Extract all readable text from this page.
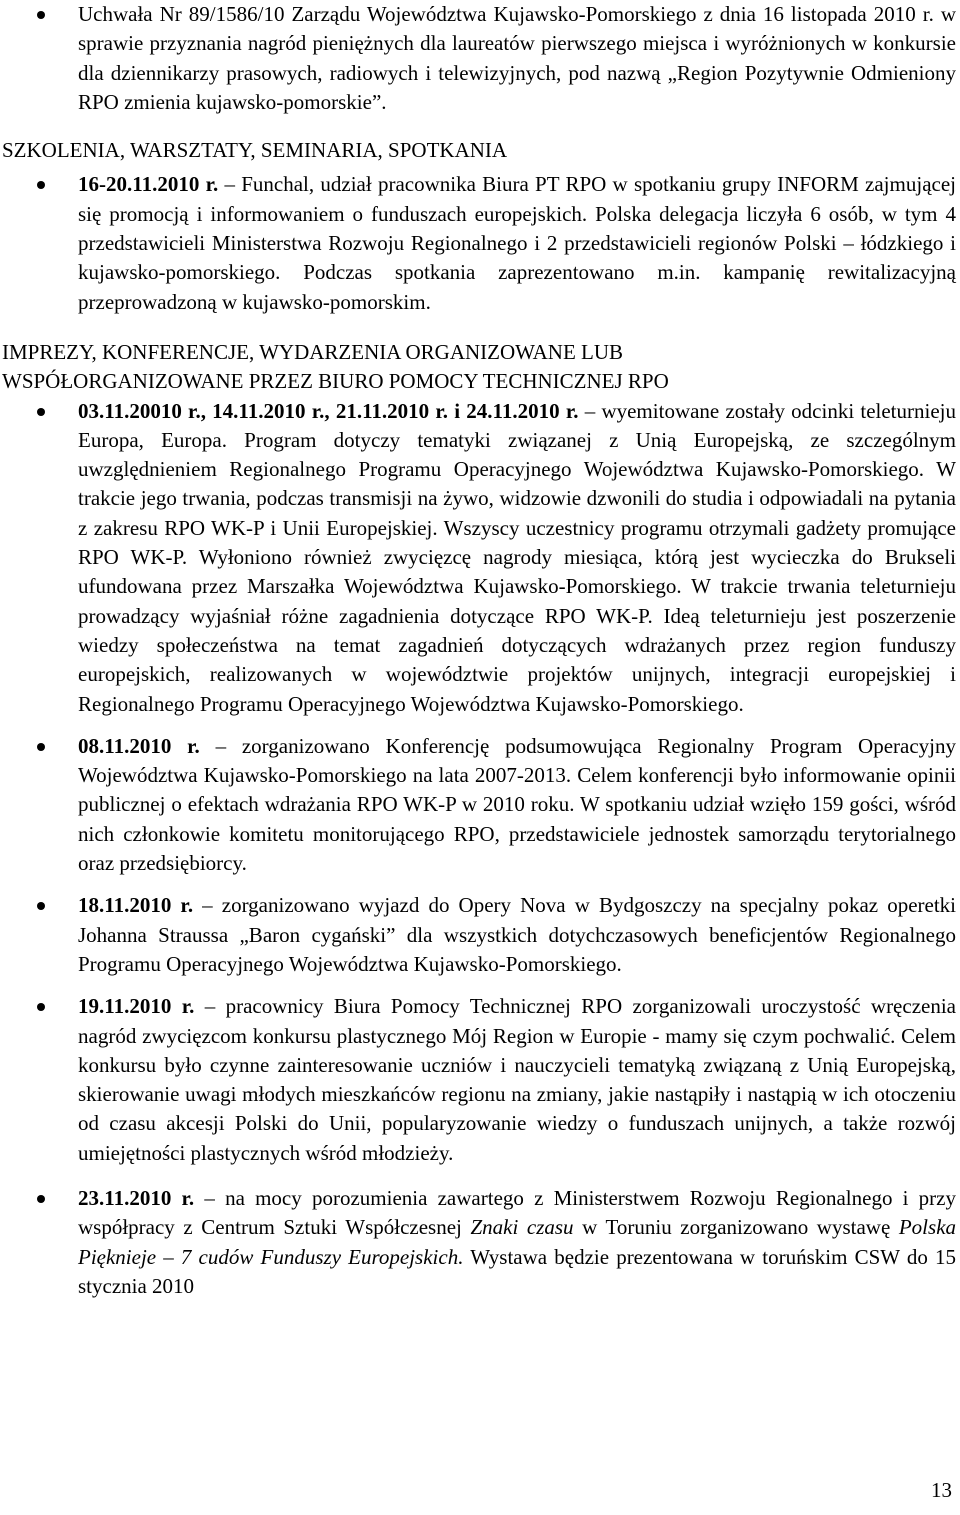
Uchwała Nr 89/1586/10 Zarządu Województwa Kujawsko-Pomorskiego z dnia 16 listopada 2010 r. w sprawie przyznania nagród pieniężnych dla laureatów pierwszego miejsca i wyróżnionych w konkursie dla dziennikarzy prasowych, radiowych i telewizyjnych, pod nazwą „Region Pozytywnie Odmieniony RPO zmienia kujawsko-pomorskie”.
SZKOLENIA, WARSZTATY, SEMINARIA, SPOTKANIA
16-20.11.2010 r. – Funchal, udział pracownika Biura PT RPO w spotkaniu grupy INFORM zajmującej się promocją i informowaniem o funduszach europejskich. Polska delegacja liczyła 6 osób, w tym 4 przedstawicieli Ministerstwa Rozwoju Regionalnego i 2 przedstawicieli regionów Polski – łódzkiego i kujawsko-pomorskiego. Podczas spotkania zaprezentowano m.in. kampanię rewitalizacyjną przeprowadzoną w kujawsko-pomorskim.
IMPREZY, KONFERENCJE, WYDARZENIA ORGANIZOWANE LUB
WSPÓŁORGANIZOWANE PRZEZ BIURO POMOCY TECHNICZNEJ RPO
03.11.20010 r., 14.11.2010 r., 21.11.2010 r. i 24.11.2010 r. – wyemitowane zostały odcinki teleturnieju Europa, Europa. Program dotyczy tematyki związanej z Unią Europejską, ze szczególnym uwzględnieniem Regionalnego Programu Operacyjnego Województwa Kujawsko-Pomorskiego. W trakcie jego trwania, podczas transmisji na żywo, widzowie dzwonili do studia i odpowiadali na pytania z zakresu RPO WK-P i Unii Europejskiej. Wszyscy uczestnicy programu otrzymali gadżety promujące RPO WK-P. Wyłoniono również zwycięzcę nagrody miesiąca, którą jest wycieczka do Brukseli ufundowana przez Marszałka Województwa Kujawsko-Pomorskiego. W trakcie trwania teleturnieju prowadzący wyjaśniał różne zagadnienia dotyczące RPO WK-P. Ideą teleturnieju jest poszerzenie wiedzy społeczeństwa na temat zagadnień dotyczących wdrażanych przez region funduszy europejskich, realizowanych w województwie projektów unijnych, integracji europejskiej i Regionalnego Programu Operacyjnego Województwa Kujawsko-Pomorskiego.
08.11.2010 r. – zorganizowano Konferencję podsumowująca Regionalny Program Operacyjny Województwa Kujawsko-Pomorskiego na lata 2007-2013. Celem konferencji było informowanie opinii publicznej o efektach wdrażania RPO WK-P w 2010 roku. W spotkaniu udział wzięło 159 gości, wśród nich członkowie komitetu monitorującego RPO, przedstawiciele jednostek samorządu terytorialnego oraz przedsiębiorcy.
18.11.2010 r. – zorganizowano wyjazd do Opery Nova w Bydgoszczy na specjalny pokaz operetki Johanna Straussa „Baron cygański” dla wszystkich dotychczasowych beneficjentów Regionalnego Programu Operacyjnego Województwa Kujawsko-Pomorskiego.
19.11.2010 r. – pracownicy Biura Pomocy Technicznej RPO zorganizowali uroczystość wręczenia nagród zwycięzcom konkursu plastycznego Mój Region w Europie - mamy się czym pochwalić. Celem konkursu było czynne zainteresowanie uczniów i nauczycieli tematyką związaną z Unią Europejską, skierowanie uwagi młodych mieszkańców regionu na zmiany, jakie nastąpiły i nastąpią w ich otoczeniu od czasu akcesji Polski do Unii, popularyzowanie wiedzy o funduszach unijnych, a także rozwój umiejętności plastycznych wśród młodzieży.
23.11.2010 r. – na mocy porozumienia zawartego z Ministerstwem Rozwoju Regionalnego i przy współpracy z Centrum Sztuki Współczesnej Znaki czasu w Toruniu zorganizowano wystawę Polska Pięknieje – 7 cudów Funduszy Europejskich. Wystawa będzie prezentowana w toruńskim CSW do 15 stycznia 2010
13
